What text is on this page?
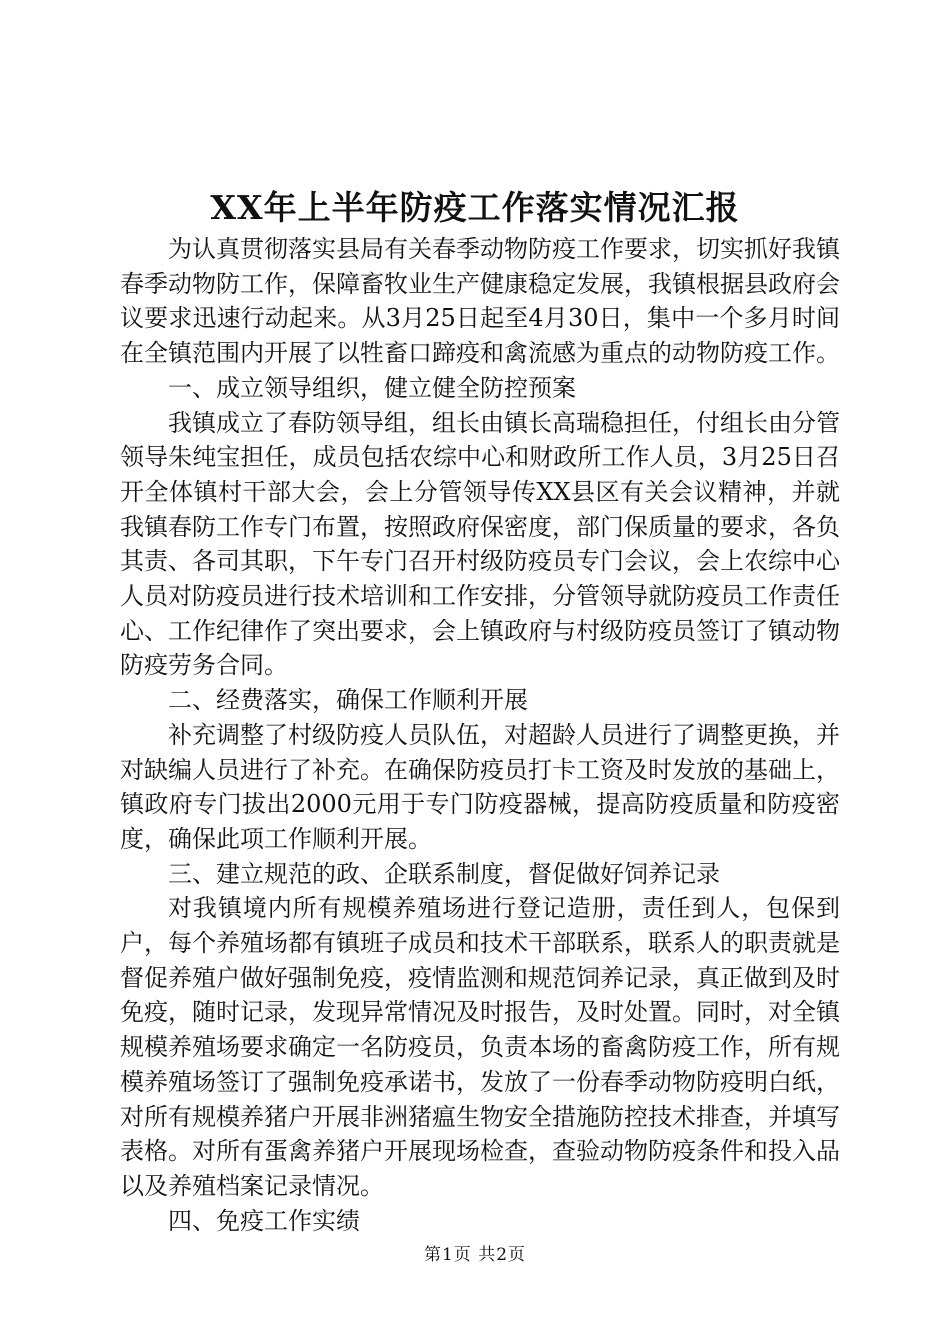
XX年上半年防疫工作落实情况汇报

为认真贯彻落实县局有关春季动物防疫工作要求，切实抓好我镇春季动物防工作，保障畜牧业生产健康稳定发展，我镇根据县政府会议要求迅速行动起来。从3月25日起至4月30日，集中一个多月时间在全镇范围内开展了以牲畜口蹄疫和禽流感为重点的动物防疫工作。

一、成立领导组织，健立健全防控预案

我镇成立了春防领导组，组长由镇长高瑞稳担任，付组长由分管领导朱纯宝担任，成员包括农综中心和财政所工作人员，3月25日召开全体镇村干部大会，会上分管领导传XX县区有关会议精神，并就我镇春防工作专门布置，按照政府保密度，部门保质量的要求，各负其责、各司其职，下午专门召开村级防疫员专门会议，会上农综中心人员对防疫员进行技术培训和工作安排，分管领导就防疫员工作责任心、工作纪律作了突出要求，会上镇政府与村级防疫员签订了镇动物防疫劳务合同。

二、经费落实，确保工作顺利开展

补充调整了村级防疫人员队伍，对超龄人员进行了调整更换，并对缺编人员进行了补充。在确保防疫员打卡工资及时发放的基础上，镇政府专门拔出2000元用于专门防疫器械，提高防疫质量和防疫密度，确保此项工作顺利开展。

三、建立规范的政、企联系制度，督促做好饲养记录

对我镇境内所有规模养殖场进行登记造册，责任到人，包保到户，每个养殖场都有镇班子成员和技术干部联系，联系人的职责就是督促养殖户做好强制免疫，疫情监测和规范饲养记录，真正做到及时免疫，随时记录，发现异常情况及时报告，及时处置。同时，对全镇规模养殖场要求确定一名防疫员，负责本场的畜禽防疫工作，所有规模养殖场签订了强制免疫承诺书，发放了一份春季动物防疫明白纸，对所有规模养猪户开展非洲猪瘟生物安全措施防控技术排查，并填写表格。对所有蛋禽养猪户开展现场检查，查验动物防疫条件和投入品以及养殖档案记录情况。

四、免疫工作实绩

第1页 共2页
